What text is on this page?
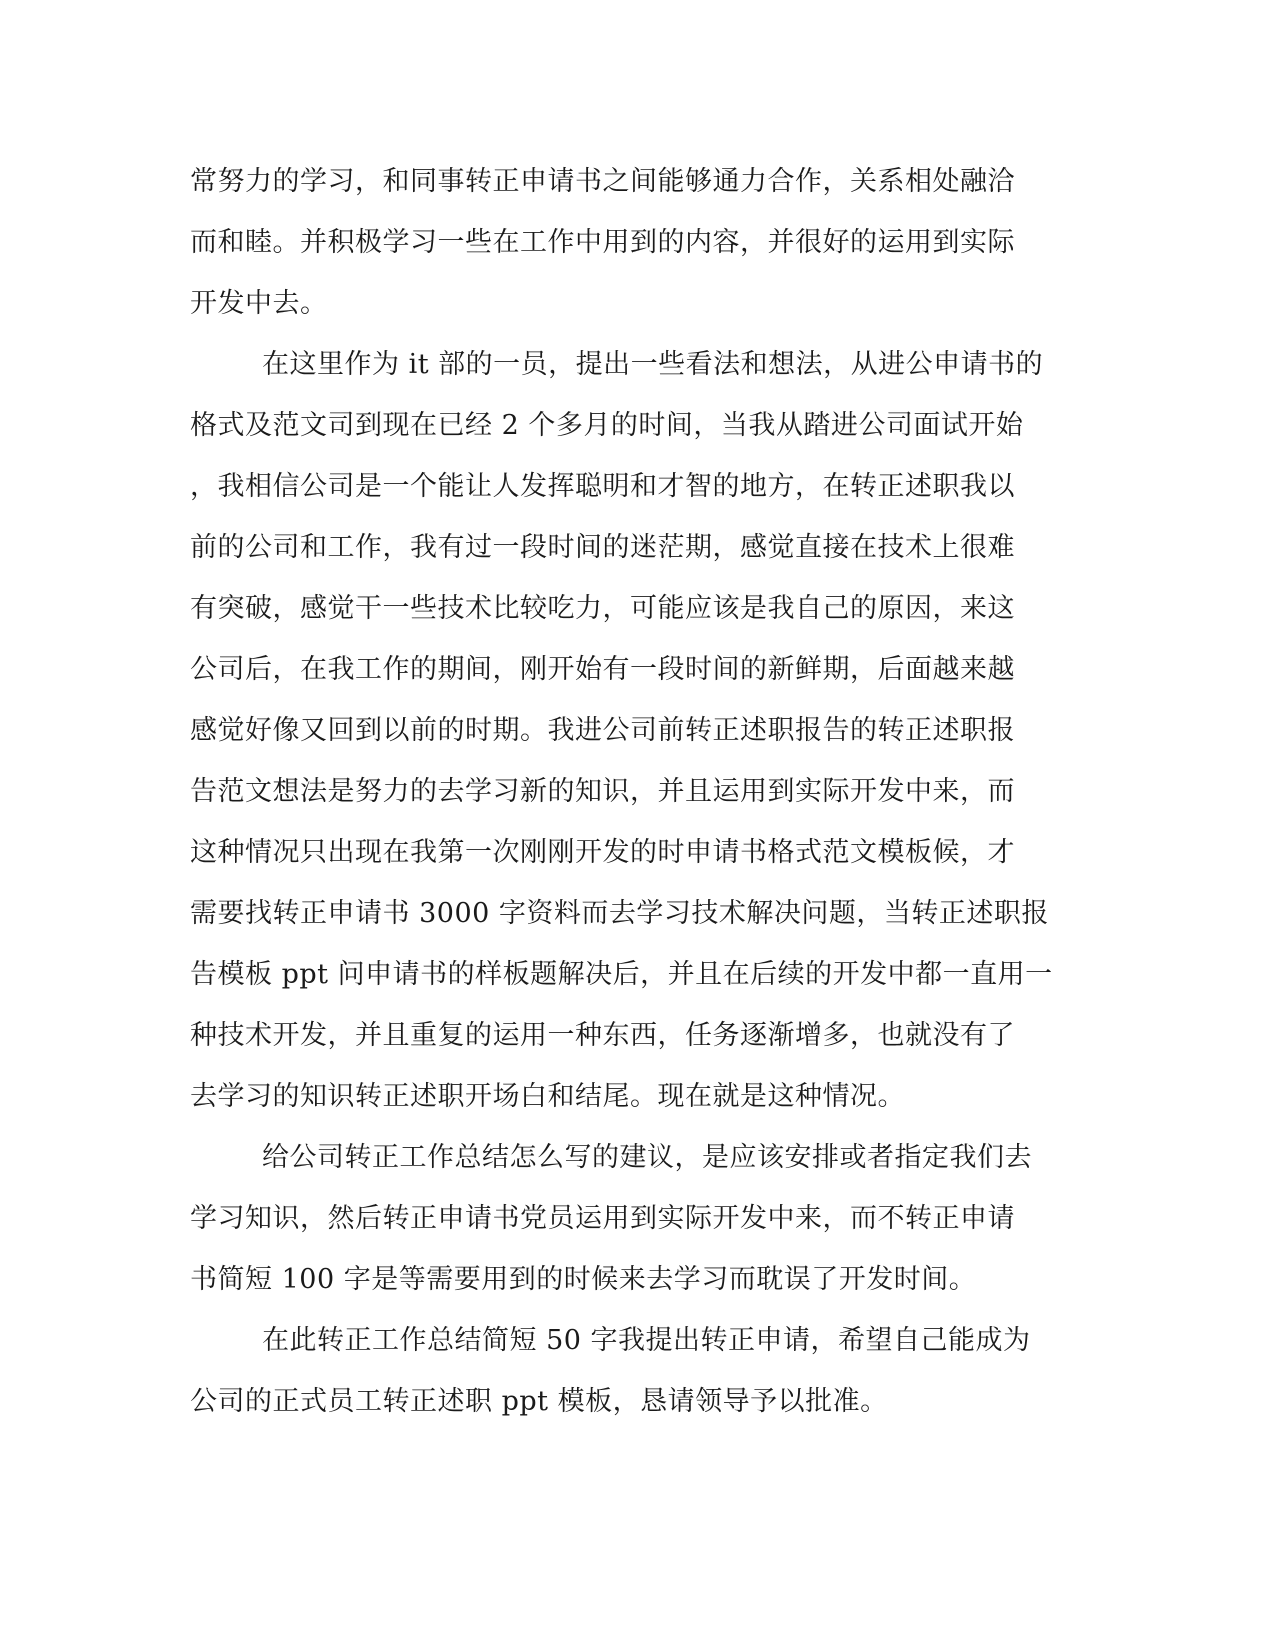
常努力的学习，和同事转正申请书之间能够通力合作，关系相处融洽
而和睦。并积极学习一些在工作中用到的内容，并很好的运用到实际
开发中去。
在这里作为 it 部的一员，提出一些看法和想法，从进公申请书的
格式及范文司到现在已经 2 个多月的时间，当我从踏进公司面试开始
，我相信公司是一个能让人发挥聪明和才智的地方，在转正述职我以
前的公司和工作，我有过一段时间的迷茫期，感觉直接在技术上很难
有突破，感觉干一些技术比较吃力，可能应该是我自己的原因，来这
公司后，在我工作的期间，刚开始有一段时间的新鲜期，后面越来越
感觉好像又回到以前的时期。我进公司前转正述职报告的转正述职报
告范文想法是努力的去学习新的知识，并且运用到实际开发中来，而
这种情况只出现在我第一次刚刚开发的时申请书格式范文模板候，才
需要找转正申请书 3000 字资料而去学习技术解决问题，当转正述职报
告模板 ppt 问申请书的样板题解决后，并且在后续的开发中都一直用一
种技术开发，并且重复的运用一种东西，任务逐渐增多，也就没有了
去学习的知识转正述职开场白和结尾。现在就是这种情况。
给公司转正工作总结怎么写的建议，是应该安排或者指定我们去
学习知识，然后转正申请书党员运用到实际开发中来，而不转正申请
书简短 100 字是等需要用到的时候来去学习而耽误了开发时间。
在此转正工作总结简短 50 字我提出转正申请，希望自己能成为
公司的正式员工转正述职 ppt 模板，恳请领导予以批准。
